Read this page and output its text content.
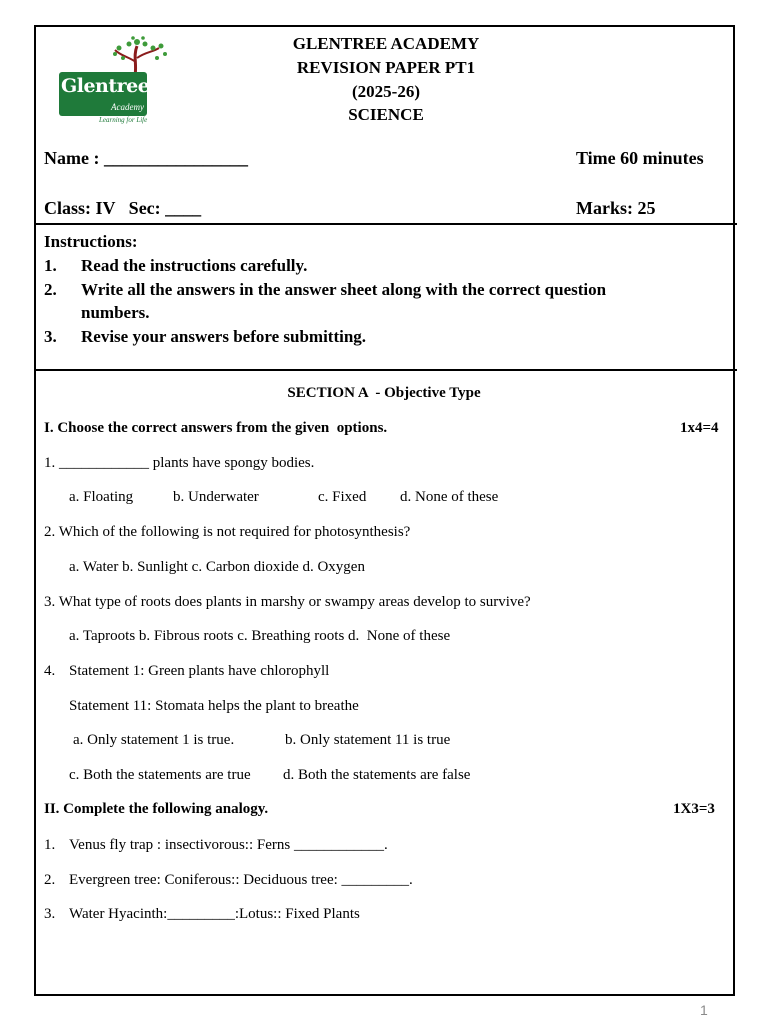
Glentree
Academy
Learning for Life
GLENTREE ACADEMY
REVISION PAPER PT1
(2025-26)
SCIENCE
Name : ________________	Time 60 minutes
Class: IV   Sec: ____	Marks: 25
Instructions:
1. Read the instructions carefully.
2. Write all the answers in the answer sheet along with the correct question
numbers.
3. Revise your answers before submitting.
SECTION A  - Objective Type
I. Choose the correct answers from the given  options.	1x4=4
1. ____________ plants have spongy bodies.
a. Floating	b. Underwater	c. Fixed d. None of these
2. Which of the following is not required for photosynthesis?
a. Water b. Sunlight c. Carbon dioxide d. Oxygen
3. What type of roots does plants in marshy or swampy areas develop to survive?
a. Taproots b. Fibrous roots c. Breathing roots d.  None of these
4. Statement 1: Green plants have chlorophyll
Statement 11: Stomata helps the plant to breathe
a. Only statement 1 is true.	b. Only statement 11 is true
c. Both the statements are true d. Both the statements are false
II. Complete the following analogy.	1X3=3
1. Venus fly trap : insectivorous:: Ferns ____________.
2. Evergreen tree: Coniferous:: Deciduous tree: _________.
3. Water Hyacinth:_________:Lotus:: Fixed Plants
1
